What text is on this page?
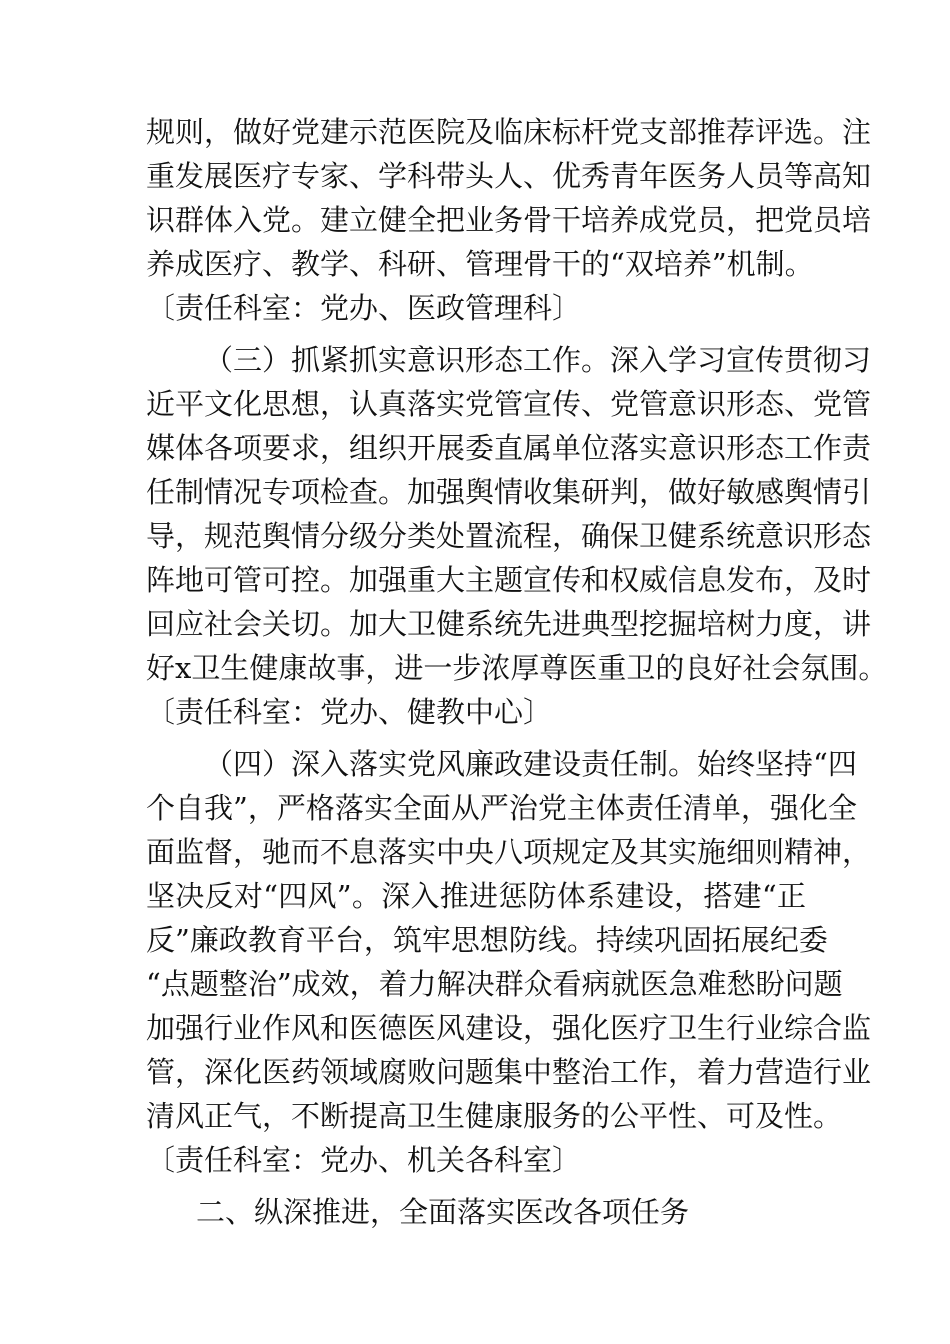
规则，做好党建示范医院及临床标杆党支部推荐评选。注
重发展医疗专家、学科带头人、优秀青年医务人员等高知
识群体入党。建立健全把业务骨干培养成党员，把党员培
养成医疗、教学、科研、管理骨干的“双培养”机制。
〔责任科室：党办、医政管理科〕
（三）抓紧抓实意识形态工作。深入学习宣传贯彻习
近平文化思想，认真落实党管宣传、党管意识形态、党管
媒体各项要求，组织开展委直属单位落实意识形态工作责
任制情况专项检查。加强舆情收集研判，做好敏感舆情引
导，规范舆情分级分类处置流程，确保卫健系统意识形态
阵地可管可控。加强重大主题宣传和权威信息发布，及时
回应社会关切。加大卫健系统先进典型挖掘培树力度，讲
好x卫生健康故事，进一步浓厚尊医重卫的良好社会氛围。
〔责任科室：党办、健教中心〕
（四）深入落实党风廉政建设责任制。始终坚持“四
个自我”，严格落实全面从严治党主体责任清单，强化全
面监督，驰而不息落实中央八项规定及其实施细则精神，
坚决反对“四风”。深入推进惩防体系建设，搭建“正
反”廉政教育平台，筑牢思想防线。持续巩固拓展纪委
“点题整治”成效，着力解决群众看病就医急难愁盼问题
加强行业作风和医德医风建设，强化医疗卫生行业综合监
管，深化医药领域腐败问题集中整治工作，着力营造行业
清风正气，不断提高卫生健康服务的公平性、可及性。
〔责任科室：党办、机关各科室〕
二、纵深推进，全面落实医改各项任务
